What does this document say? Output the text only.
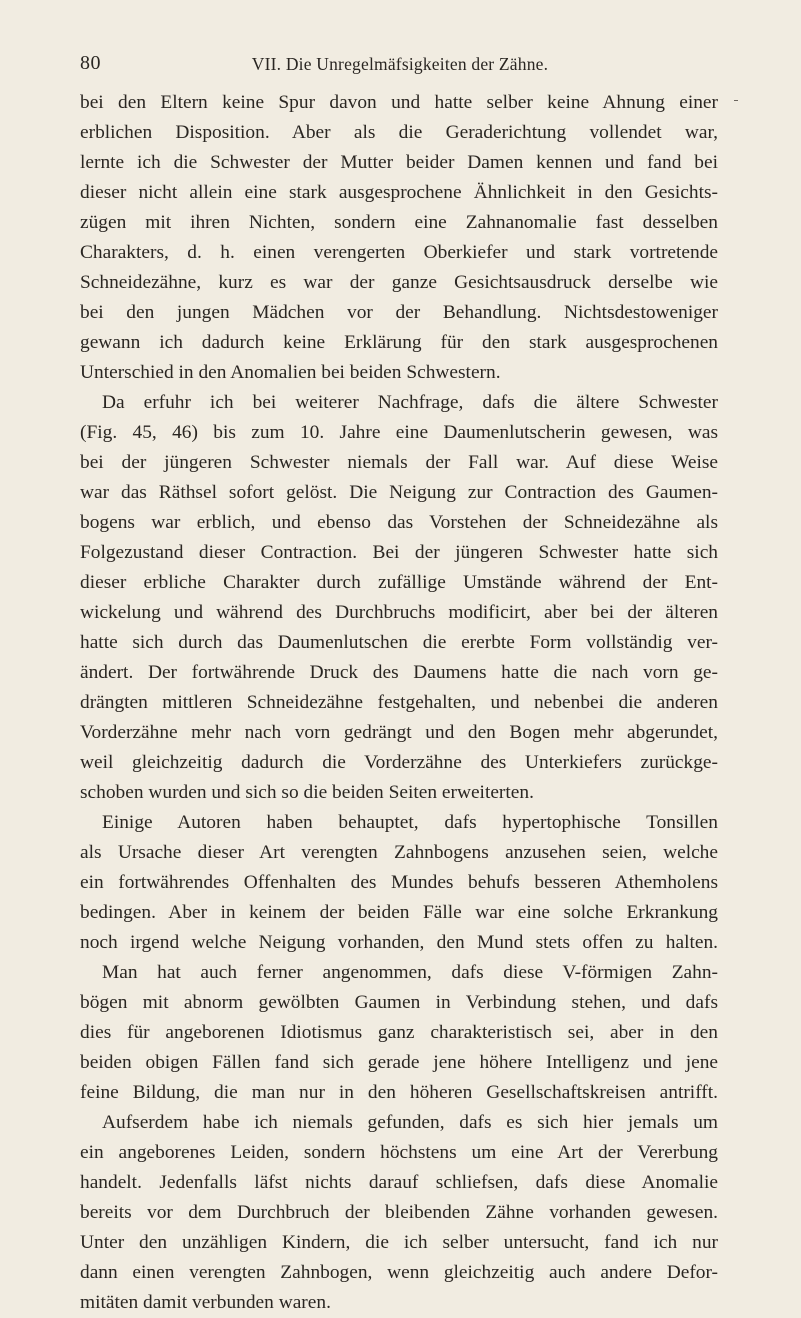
80	VII. Die Unregelmäfsigkeiten der Zähne.
bei den Eltern keine Spur davon und hatte selber keine Ahnung einer
erblichen Disposition. Aber als die Geraderichtung vollendet war,
lernte ich die Schwester der Mutter beider Damen kennen und fand bei
dieser nicht allein eine stark ausgesprochene Ähnlichkeit in den Gesichts-
zügen mit ihren Nichten, sondern eine Zahnanomalie fast desselben
Charakters, d. h. einen verengerten Oberkiefer und stark vortretende
Schneidezähne, kurz es war der ganze Gesichtsausdruck derselbe wie
bei den jungen Mädchen vor der Behandlung. Nichtsdestoweniger
gewann ich dadurch keine Erklärung für den stark ausgesprochenen
Unterschied in den Anomalien bei beiden Schwestern.
Da erfuhr ich bei weiterer Nachfrage, dafs die ältere Schwester
(Fig. 45, 46) bis zum 10. Jahre eine Daumenlutscherin gewesen, was
bei der jüngeren Schwester niemals der Fall war. Auf diese Weise
war das Räthsel sofort gelöst. Die Neigung zur Contraction des Gaumen-
bogens war erblich, und ebenso das Vorstehen der Schneidezähne als
Folgezustand dieser Contraction. Bei der jüngeren Schwester hatte sich
dieser erbliche Charakter durch zufällige Umstände während der Ent-
wickelung und während des Durchbruchs modificirt, aber bei der älteren
hatte sich durch das Daumenlutschen die ererbte Form vollständig ver-
ändert. Der fortwährende Druck des Daumens hatte die nach vorn ge-
drängten mittleren Schneidezähne festgehalten, und nebenbei die anderen
Vorderzähne mehr nach vorn gedrängt und den Bogen mehr abgerundet,
weil gleichzeitig dadurch die Vorderzähne des Unterkiefers zurückge-
schoben wurden und sich so die beiden Seiten erweiterten.
Einige Autoren haben behauptet, dafs hypertophische Tonsillen
als Ursache dieser Art verengten Zahnbogens anzusehen seien, welche
ein fortwährendes Offenhalten des Mundes behufs besseren Athemholens
bedingen. Aber in keinem der beiden Fälle war eine solche Erkrankung
noch irgend welche Neigung vorhanden, den Mund stets offen zu halten.
Man hat auch ferner angenommen, dafs diese V-förmigen Zahn-
bögen mit abnorm gewölbten Gaumen in Verbindung stehen, und dafs
dies für angeborenen Idiotismus ganz charakteristisch sei, aber in den
beiden obigen Fällen fand sich gerade jene höhere Intelligenz und jene
feine Bildung, die man nur in den höheren Gesellschaftskreisen antrifft.
Aufserdem habe ich niemals gefunden, dafs es sich hier jemals um
ein angeborenes Leiden, sondern höchstens um eine Art der Vererbung
handelt. Jedenfalls läfst nichts darauf schliefsen, dafs diese Anomalie
bereits vor dem Durchbruch der bleibenden Zähne vorhanden gewesen.
Unter den unzähligen Kindern, die ich selber untersucht, fand ich nur
dann einen verengten Zahnbogen, wenn gleichzeitig auch andere Defor-
mitäten damit verbunden waren.
